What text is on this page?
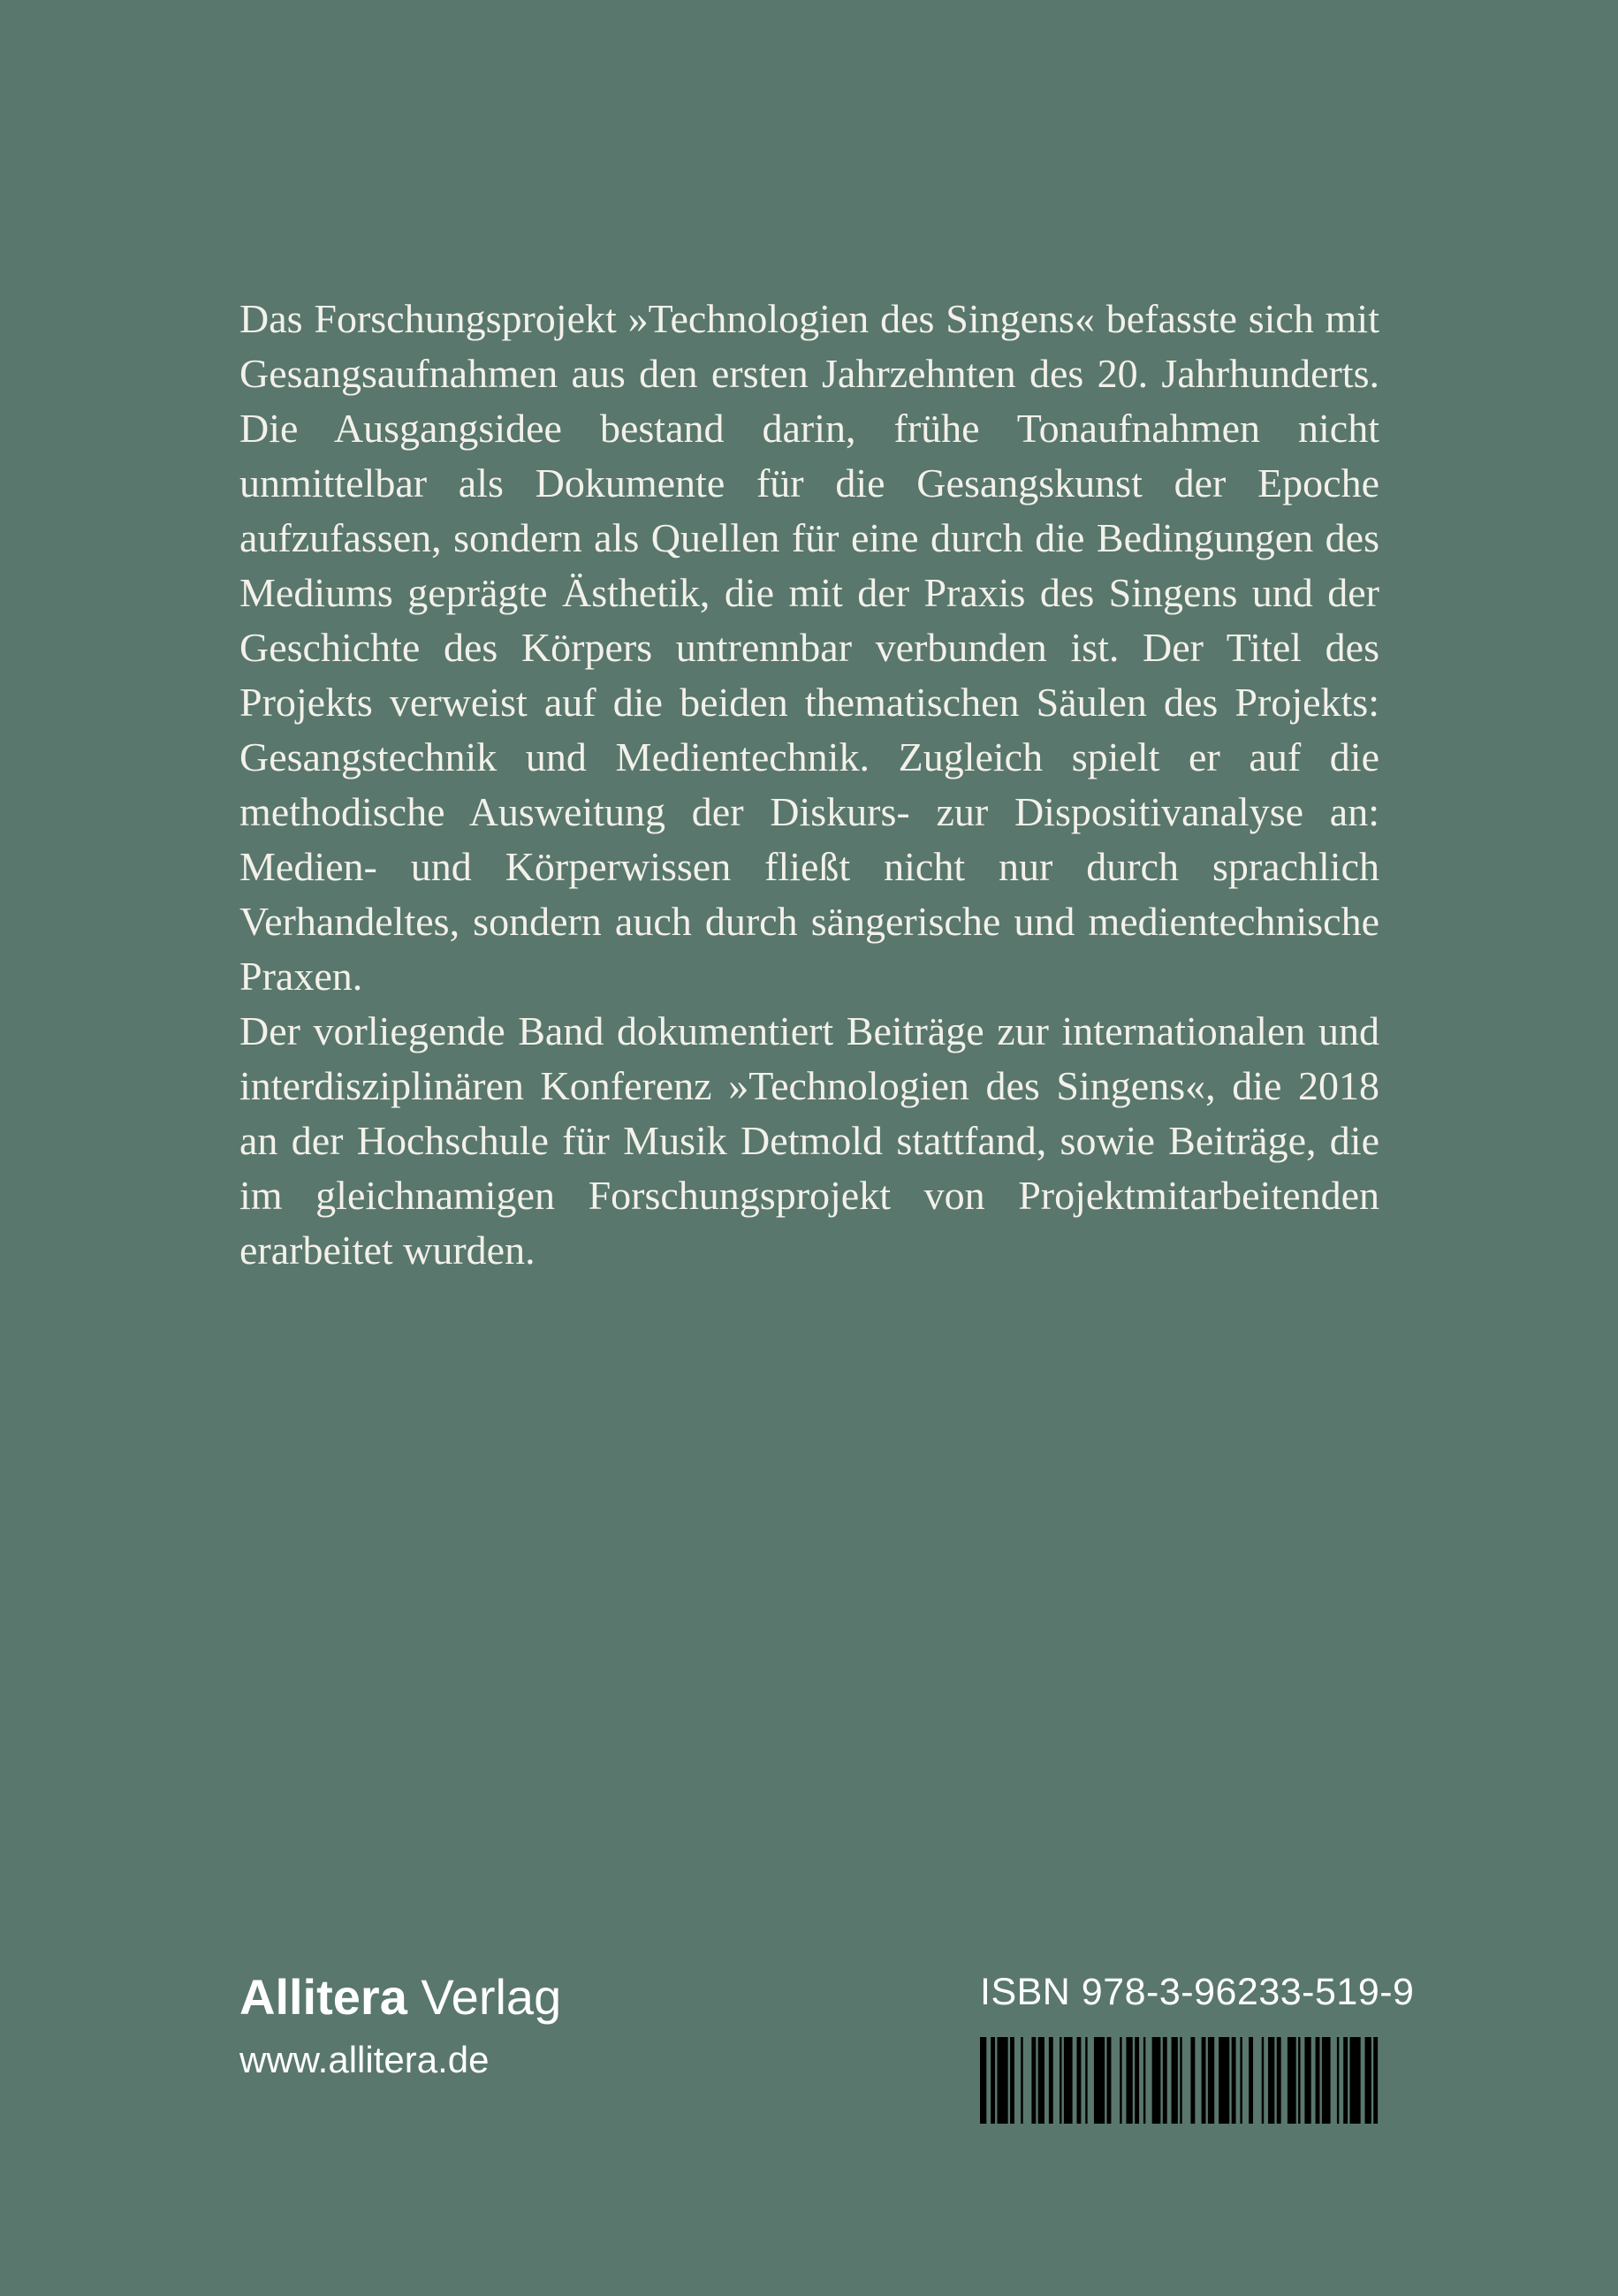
Das Forschungsprojekt »Technologien des Singens« befasste sich mit Gesangsaufnahmen aus den ersten Jahrzehnten des 20. Jahrhunderts. Die Ausgangsidee bestand darin, frühe Tonaufnahmen nicht unmittelbar als Dokumente für die Gesangskunst der Epoche aufzufassen, sondern als Quellen für eine durch die Bedingungen des Mediums geprägte Ästhetik, die mit der Praxis des Singens und der Geschichte des Körpers untrennbar verbunden ist. Der Titel des Projekts verweist auf die beiden thematischen Säulen des Projekts: Gesangstechnik und Medientechnik. Zugleich spielt er auf die methodische Ausweitung der Diskurs- zur Dispositivanalyse an: Medien- und Körperwissen fließt nicht nur durch sprachlich Verhandeltes, sondern auch durch sängerische und medientechnische Praxen.

Der vorliegende Band dokumentiert Beiträge zur internationalen und interdisziplinären Konferenz »Technologien des Singens«, die 2018 an der Hochschule für Musik Detmold stattfand, sowie Beiträge, die im gleichnamigen Forschungsprojekt von Projektmitarbeitenden erarbeitet wurden.

Allitera Verlag
www.allitera.de
ISBN 978-3-96233-519-9
